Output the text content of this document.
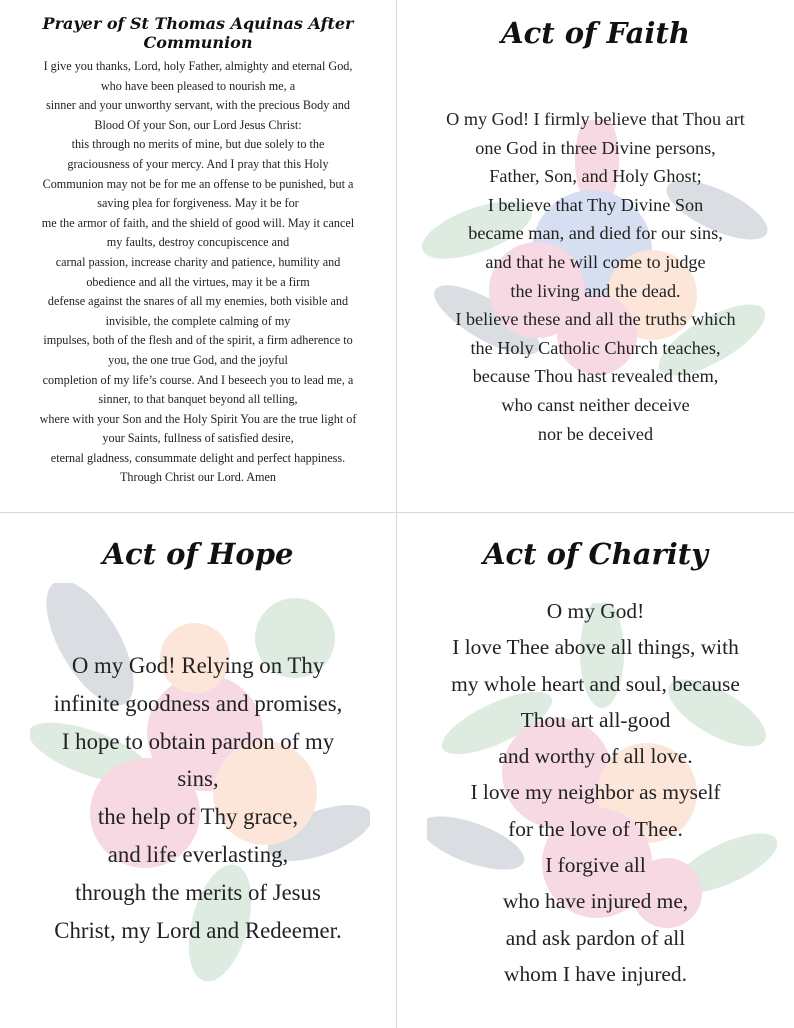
Prayer of St Thomas Aquinas After Communion
I give you thanks, Lord, holy Father, almighty and eternal God,
who have been pleased to nourish me, a
sinner and your unworthy servant, with the precious Body and
Blood Of your Son, our Lord Jesus Christ:
this through no merits of mine, but due solely to the
graciousness of your mercy. And I pray that this Holy
Communion may not be for me an offense to be punished, but a
saving plea for forgiveness. May it be for
me the armor of faith, and the shield of good will. May it cancel
my faults, destroy concupiscence and
carnal passion, increase charity and patience, humility and
obedience and all the virtues, may it be a firm
defense against the snares of all my enemies, both visible and
invisible, the complete calming of my
impulses, both of the flesh and of the spirit, a firm adherence to
you, the one true God, and the joyful
completion of my life’s course. And I beseech you to lead me, a
sinner, to that banquet beyond all telling,
where with your Son and the Holy Spirit You are the true light of
your Saints, fullness of satisfied desire,
eternal gladness, consummate delight and perfect happiness.
Through Christ our Lord. Amen
Act of Faith
O my God! I firmly believe that Thou art
one God in three Divine persons,
Father, Son, and Holy Ghost;
I believe that Thy Divine Son
became man, and died for our sins,
and that he will come to judge
the living and the dead.
I believe these and all the truths which
the Holy Catholic Church teaches,
because Thou hast revealed them,
who canst neither deceive
nor be deceived
Act of Hope
O my God! Relying on Thy
infinite goodness and promises,
I hope to obtain pardon of my
sins,
the help of Thy grace,
and life everlasting,
through the merits of Jesus
Christ, my Lord and Redeemer.
Act of Charity
O my God!
I love Thee above all things, with
my whole heart and soul, because
Thou art all-good
and worthy of all love.
I love my neighbor as myself
for the love of Thee.
I forgive all
who have injured me,
and ask pardon of all
whom I have injured.
